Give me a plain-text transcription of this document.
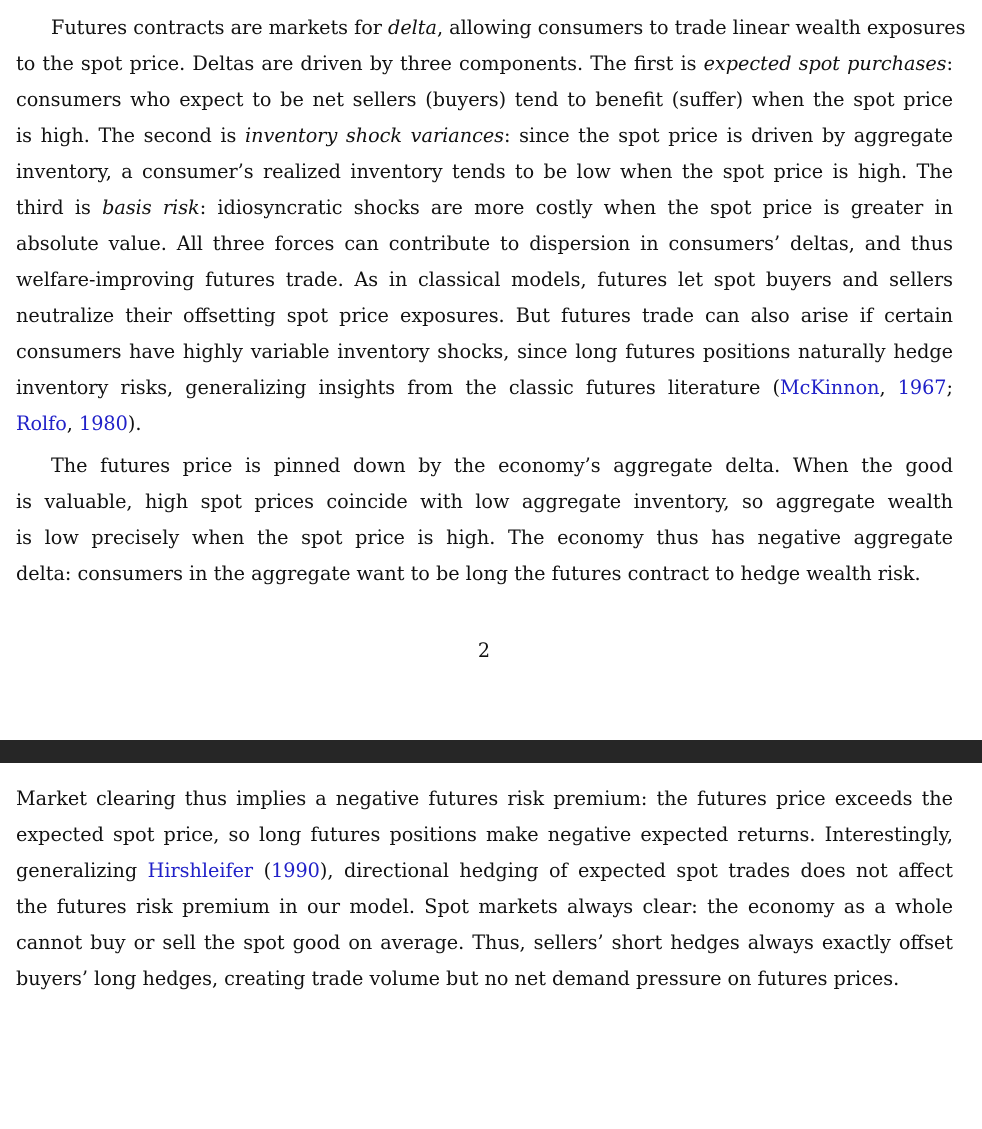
Futures contracts are markets for delta, allowing consumers to trade linear wealth exposures
to the spot price. Deltas are driven by three components. The first is expected spot purchases:
consumers who expect to be net sellers (buyers) tend to benefit (suffer) when the spot price
is high. The second is inventory shock variances: since the spot price is driven by aggregate
inventory, a consumer’s realized inventory tends to be low when the spot price is high. The
third is basis risk: idiosyncratic shocks are more costly when the spot price is greater in
absolute value. All three forces can contribute to dispersion in consumers’ deltas, and thus
welfare-improving futures trade. As in classical models, futures let spot buyers and sellers
neutralize their offsetting spot price exposures. But futures trade can also arise if certain
consumers have highly variable inventory shocks, since long futures positions naturally hedge
inventory risks, generalizing insights from the classic futures literature (McKinnon, 1967;
Rolfo, 1980).

The futures price is pinned down by the economy’s aggregate delta. When the good
is valuable, high spot prices coincide with low aggregate inventory, so aggregate wealth
is low precisely when the spot price is high. The economy thus has negative aggregate
delta: consumers in the aggregate want to be long the futures contract to hedge wealth risk.

2

Market clearing thus implies a negative futures risk premium: the futures price exceeds the
expected spot price, so long futures positions make negative expected returns. Interestingly,
generalizing Hirshleifer (1990), directional hedging of expected spot trades does not affect
the futures risk premium in our model. Spot markets always clear: the economy as a whole
cannot buy or sell the spot good on average. Thus, sellers’ short hedges always exactly offset
buyers’ long hedges, creating trade volume but no net demand pressure on futures prices.
